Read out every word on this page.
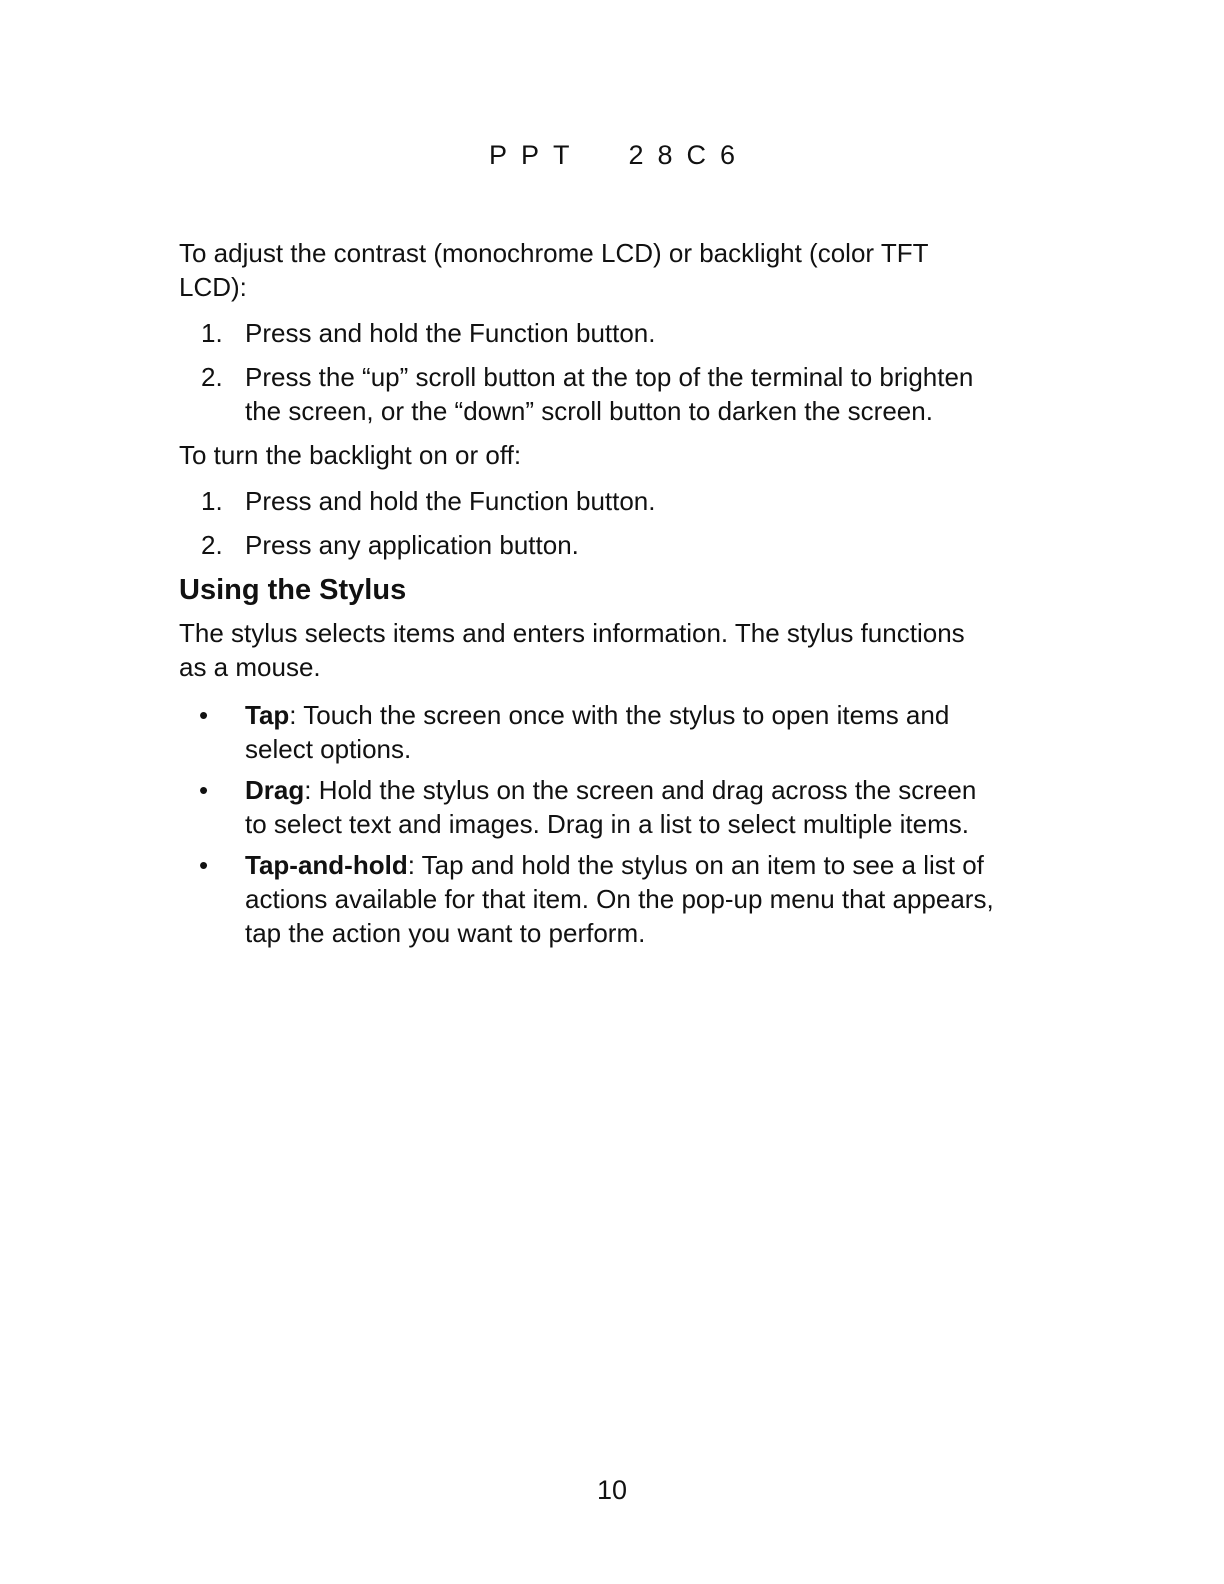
PPT 28C6

To adjust the contrast (monochrome LCD) or backlight (color TFT LCD):

1. Press and hold the Function button.
2. Press the “up” scroll button at the top of the terminal to brighten the screen, or the “down” scroll button to darken the screen.

To turn the backlight on or off:

1. Press and hold the Function button.
2. Press any application button.
Using the Stylus

The stylus selects items and enters information. The stylus functions as a mouse.

•	Tap: Touch the screen once with the stylus to open items and select options.
•	Drag: Hold the stylus on the screen and drag across the screen to select text and images. Drag in a list to select multiple items.
•	Tap-and-hold: Tap and hold the stylus on an item to see a list of actions available for that item. On the pop-up menu that appears, tap the action you want to perform.
10
